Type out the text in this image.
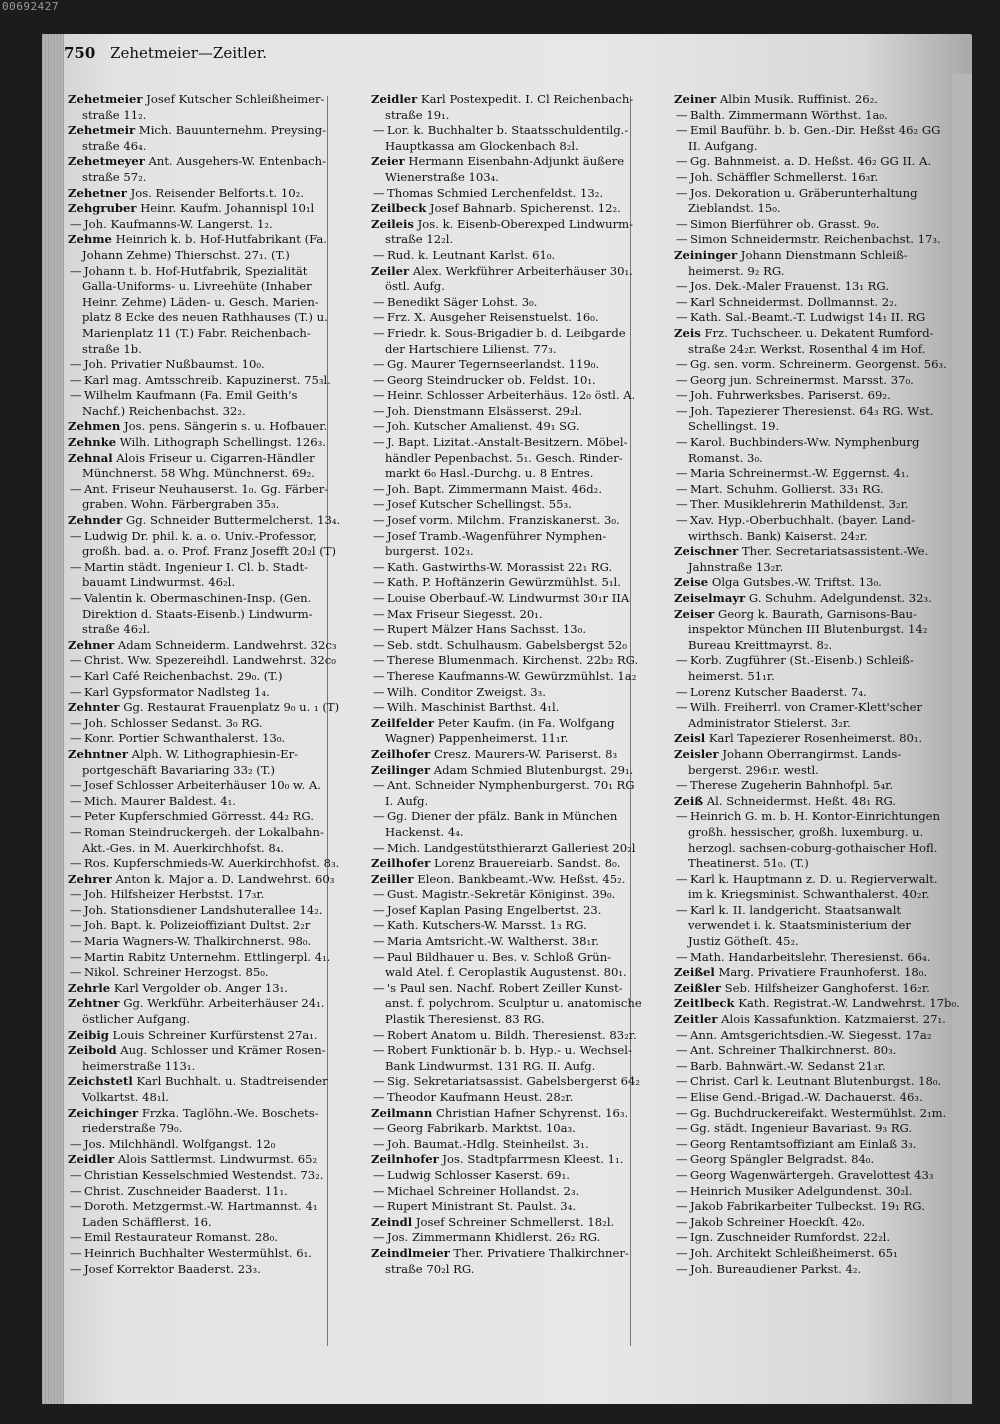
00692427
750 Zehetmeier—Zeitler.
Zehetmeier Josef Kutscher Schleißheimer-
straße 11₂.
Zehetmeir Mich. Bauunternehm. Preysing-
straße 46₄.
Zehetmeyer Ant. Ausgehers-W. Entenbach-
straße 57₂.
Zehetner Jos. Reisender Belforts.t. 10₂.
Zehgruber Heinr. Kaufm. Johannispl 10₁l
— Joh. Kaufmanns-W. Langerst. 1₂.
Zehme Heinrich k. b. Hof-Hutfabrikant (Fa.
Johann Zehme) Thierschst. 27₁. (T.)
— Johann t. b. Hof-Hutfabrik, Spezialität
Galla-Uniforms- u. Livreehüte (Inhaber
Heinr. Zehme) Läden- u. Gesch. Marien-
platz 8 Ecke des neuen Rathhauses (T.) u.
Marienplatz 11 (T.) Fabr. Reichenbach-
straße 1b.
— Joh. Privatier Nußbaumst. 10₀.
— Karl mag. Amtsschreib. Kapuzinerst. 75₃l.
— Wilhelm Kaufmann (Fa. Emil Geith's
Nachf.) Reichenbachst. 32₂.
Zehmen Jos. pens. Sängerin s. u. Hofbauer.
Zehnke Wilh. Lithograph Schellingst. 126₃.
Zehnal Alois Friseur u. Cigarren-Händler
Münchnerst. 58 Whg. Münchnerst. 69₂.
— Ant. Friseur Neuhauserst. 1₀. Gg. Färber-
graben. Wohn. Färbergraben 35₃.
Zehnder Gg. Schneider Buttermelcherst. 13₄.
— Ludwig Dr. phil. k. a. o. Univ.-Professor,
großh. bad. a. o. Prof. Franz Josefft 20₂l (T)
— Martin städt. Ingenieur I. Cl. b. Stadt-
bauamt Lindwurmst. 46₂l.
— Valentin k. Obermaschinen-Insp. (Gen.
Direktion d. Staats-Eisenb.) Lindwurm-
straße 46₂l.
Zehner Adam Schneiderm. Landwehrst. 32c₃
— Christ. Ww. Spezereihdl. Landwehrst. 32c₀
— Karl Café Reichenbachst. 29₀. (T.)
— Karl Gypsformator Nadlsteg 1₄.
Zehnter Gg. Restaurat Frauenplatz 9₀ u. ₁ (T)
— Joh. Schlosser Sedanst. 3₀ RG.
— Konr. Portier Schwanthalerst. 13₀.
Zehntner Alph. W. Lithographiesin-Er-
portgeschäft Bavariaring 33₂ (T.)
— Josef Schlosser Arbeiterhäuser 10₀ w. A.
— Mich. Maurer Baldest. 4₁.
— Peter Kupferschmied Görresst. 44₂ RG.
— Roman Steindruckergeh. der Lokalbahn-
Akt.-Ges. in M. Auerkirchhofst. 8₄.
— Ros. Kupferschmieds-W. Auerkirchhofst. 8₃.
Zehrer Anton k. Major a. D. Landwehrst. 60₃
— Joh. Hilfsheizer Herbstst. 17₃r.
— Joh. Stationsdiener Landshuterallee 14₂.
— Joh. Bapt. k. Polizeioffiziant Dultst. 2₂r
— Maria Wagners-W. Thalkirchnerst. 98₀.
— Martin Rabitz Unternehm. Ettlingerpl. 4₁.
— Nikol. Schreiner Herzogst. 85₀.
Zehrle Karl Vergolder ob. Anger 13₁.
Zehtner Gg. Werkführ. Arbeiterhäuser 24₁.
östlicher Aufgang.
Zeibig Louis Schreiner Kurfürstenst 27a₁.
Zeibold Aug. Schlosser und Krämer Rosen-
heimerstraße 113₁.
Zeichstetl Karl Buchhalt. u. Stadtreisender
Volkartst. 48₁l.
Zeichinger Frzka. Taglöhn.-We. Boschets-
riederstraße 79₀.
— Jos. Milchhändl. Wolfgangst. 12₀
Zeidler Alois Sattlermst. Lindwurmst. 65₂
— Christian Kesselschmied Westendst. 73₂.
— Christ. Zuschneider Baaderst. 11₁.
— Doroth. Metzgermst.-W. Hartmannst. 4₁
Laden Schäfflerst. 16.
— Emil Restaurateur Romanst. 28₀.
— Heinrich Buchhalter Westermühlst. 6₁.
— Josef Korrektor Baaderst. 23₃.
Zeidler Karl Postexpedit. I. Cl Reichenbach-
straße 19₁.
— Lor. k. Buchhalter b. Staatsschuldentilg.-
Hauptkassa am Glockenbach 8₂l.
Zeier Hermann Eisenbahn-Adjunkt äußere
Wienerstraße 103₄.
— Thomas Schmied Lerchenfeldst. 13₂.
Zeilbeck Josef Bahnarb. Spicherenst. 12₂.
Zeileis Jos. k. Eisenb-Oberexped Lindwurm-
straße 12₂l.
— Rud. k. Leutnant Karlst. 61₀.
Zeiler Alex. Werkführer Arbeiterhäuser 30₁.
östl. Aufg.
— Benedikt Säger Lohst. 3₀.
— Frz. X. Ausgeher Reisenstuelst. 16₀.
— Friedr. k. Sous-Brigadier b. d. Leibgarde
der Hartschiere Lilienst. 77₃.
— Gg. Maurer Tegernseerlandst. 119₀.
— Georg Steindrucker ob. Feldst. 10₁.
— Heinr. Schlosser Arbeiterhäus. 12₀ östl. A.
— Joh. Dienstmann Elsässerst. 29₂l.
— Joh. Kutscher Amalienst. 49₁ SG.
— J. Bapt. Lizitat.-Anstalt-Besitzern. Möbel-
händler Pepenbachst. 5₁. Gesch. Rinder-
markt 6₀ Hasl.-Durchg. u. 8 Entres.
— Joh. Bapt. Zimmermann Maist. 46d₂.
— Josef Kutscher Schellingst. 55₃.
— Josef vorm. Milchm. Franziskanerst. 3₀.
— Josef Tramb.-Wagenführer Nymphen-
burgerst. 102₃.
— Kath. Gastwirths-W. Morassist 22₁ RG.
— Kath. P. Hoftänzerin Gewürzmühlst. 5₁l.
— Louise Oberbauf.-W. Lindwurmst 30₁r IIA
— Max Friseur Siegesst. 20₁.
— Rupert Mälzer Hans Sachsst. 13₀.
— Seb. stdt. Schulhausm. Gabelsbergst 52₀
— Therese Blumenmach. Kirchenst. 22b₂ RG.
— Therese Kaufmanns-W. Gewürzmühlst. 1a₂
— Wilh. Conditor Zweigst. 3₃.
— Wilh. Maschinist Barthst. 4₁l.
Zeilfelder Peter Kaufm. (in Fa. Wolfgang
Wagner) Pappenheimerst. 11₁r.
Zeilhofer Cresz. Maurers-W. Pariserst. 8₃
Zeilinger Adam Schmied Blutenburgst. 29₁.
— Ant. Schneider Nymphenburgerst. 70₁ RG
I. Aufg.
— Gg. Diener der pfälz. Bank in München
Hackenst. 4₄.
— Mich. Landgestütsthierarzt Galleriest 20₂l
Zeilhofer Lorenz Brauereiarb. Sandst. 8₀.
Zeiller Eleon. Bankbeamt.-Ww. Heßst. 45₂.
— Gust. Magistr.-Sekretär Königinst. 39₀.
— Josef Kaplan Pasing Engelbertst. 23.
— Kath. Kutschers-W. Marsst. 1₃ RG.
— Maria Amtsricht.-W. Waltherst. 38₁r.
— Paul Bildhauer u. Bes. v. Schloß Grün-
wald Atel. f. Ceroplastik Augustenst. 80₁.
— 's Paul sen. Nachf. Robert Zeiller Kunst-
anst. f. polychrom. Sculptur u. anatomische
Plastik Theresienst. 83 RG.
— Robert Anatom u. Bildh. Theresienst. 83₂r.
— Robert Funktionär b. b. Hyp.- u. Wechsel-
Bank Lindwurmst. 131 RG. II. Aufg.
— Sig. Sekretariatsassist. Gabelsbergerst 64₂
— Theodor Kaufmann Heust. 28₂r.
Zeilmann Christian Hafner Schyrenst. 16₃.
— Georg Fabrikarb. Marktst. 10a₃.
— Joh. Baumat.-Hdlg. Steinheilst. 3₁.
Zeilnhofer Jos. Stadtpfarrmesn Kleest. 1₁.
— Ludwig Schlosser Kaserst. 69₁.
— Michael Schreiner Hollandst. 2₃.
— Rupert Ministrant St. Paulst. 3₄.
Zeindl Josef Schreiner Schmellerst. 18₂l.
— Jos. Zimmermann Khidlerst. 26₂ RG.
Zeindlmeier Ther. Privatiere Thalkirchner-
straße 70₂l RG.
Zeiner Albin Musik. Ruffinist. 26₂.
— Balth. Zimmermann Wörthst. 1a₀.
— Emil Bauführ. b. b. Gen.-Dir. Heßst 46₂ GG
II. Aufgang.
— Gg. Bahnmeist. a. D. Heßst. 46₂ GG II. A.
— Joh. Schäffler Schmellerst. 16₃r.
— Jos. Dekoration u. Gräberunterhaltung
Zieblandst. 15₀.
— Simon Bierführer ob. Grasst. 9₀.
— Simon Schneidermstr. Reichenbachst. 17₃.
Zeininger Johann Dienstmann Schleiß-
heimerst. 9₂ RG.
— Jos. Dek.-Maler Frauenst. 13₁ RG.
— Karl Schneidermst. Dollmannst. 2₂.
— Kath. Sal.-Beamt.-T. Ludwigst 14₁ II. RG
Zeis Frz. Tuchscheer. u. Dekatent Rumford-
straße 24₂r. Werkst. Rosenthal 4 im Hof.
— Gg. sen. vorm. Schreinerm. Georgenst. 56₃.
— Georg jun. Schreinermst. Marsst. 37₀.
— Joh. Fuhrwerksbes. Pariserst. 69₂.
— Joh. Tapezierer Theresienst. 64₃ RG. Wst.
Schellingst. 19.
— Karol. Buchbinders-Ww. Nymphenburg
Romanst. 3₀.
— Maria Schreinermst.-W. Eggernst. 4₁.
— Mart. Schuhm. Gollierst. 33₁ RG.
— Ther. Musiklehrerin Mathildenst. 3₂r.
— Xav. Hyp.-Oberbuchhalt. (bayer. Land-
wirthsch. Bank) Kaiserst. 24₂r.
Zeischner Ther. Secretariatsassistent.-We.
Jahnstraße 13₂r.
Zeise Olga Gutsbes.-W. Triftst. 13₀.
Zeiselmayr G. Schuhm. Adelgundenst. 32₃.
Zeiser Georg k. Baurath, Garnisons-Bau-
inspektor München III Blutenburgst. 14₂
Bureau Kreittmayrst. 8₂.
— Korb. Zugführer (St.-Eisenb.) Schleiß-
heimerst. 51₁r.
— Lorenz Kutscher Baaderst. 7₄.
— Wilh. Freiherrl. von Cramer-Klett'scher
Administrator Stielerst. 3₂r.
Zeisl Karl Tapezierer Rosenheimerst. 80₁.
Zeisler Johann Oberrangirmst. Lands-
bergerst. 296₁r. westl.
— Therese Zugeherin Bahnhofpl. 5₄r.
Zeiß Al. Schneidermst. Heßt. 48₁ RG.
— Heinrich G. m. b. H. Kontor-Einrichtungen
großh. hessischer, großh. luxemburg. u.
herzogl. sachsen-coburg-gothaischer Hofl.
Theatinerst. 51₀. (T.)
— Karl k. Hauptmann z. D. u. Regierverwalt.
im k. Kriegsminist. Schwanthalerst. 40₂r.
— Karl k. II. landgericht. Staatsanwalt
verwendet i. k. Staatsministerium der
Justiz Götheſt. 45₂.
— Math. Handarbeitslehr. Theresienst. 66₄.
Zeißel Marg. Privatiere Fraunhoferst. 18₀.
Zeißler Seb. Hilfsheizer Ganghoferst. 16₂r.
Zeitlbeck Kath. Registrat.-W. Landwehrst. 17b₀.
Zeitler Alois Kassafunktion. Katzmaierst. 27₁.
— Ann. Amtsgerichtsdien.-W. Siegesst. 17a₂
— Ant. Schreiner Thalkirchnerst. 80₃.
— Barb. Bahnwärt.-W. Sedanst 21₃r.
— Christ. Carl k. Leutnant Blutenburgst. 18₀.
— Elise Gend.-Brigad.-W. Dachauerst. 46₃.
— Gg. Buchdruckereifakt. Westermühlst. 2₁m.
— Gg. städt. Ingenieur Bavariast. 9₃ RG.
— Georg Rentamtsoffiziant am Einlaß 3₃.
— Georg Spängler Belgradst. 84₀.
— Georg Wagenwärtergeh. Gravelottest 43₃
— Heinrich Musiker Adelgundenst. 30₂l.
— Jakob Fabrikarbeiter Tulbeckst. 19₁ RG.
— Jakob Schreiner Hoeckſt. 42₀.
— Ign. Zuschneider Rumfordst. 22₂l.
— Joh. Architekt Schleißheimerst. 65₁
— Joh. Bureaudiener Parkst. 4₂.
